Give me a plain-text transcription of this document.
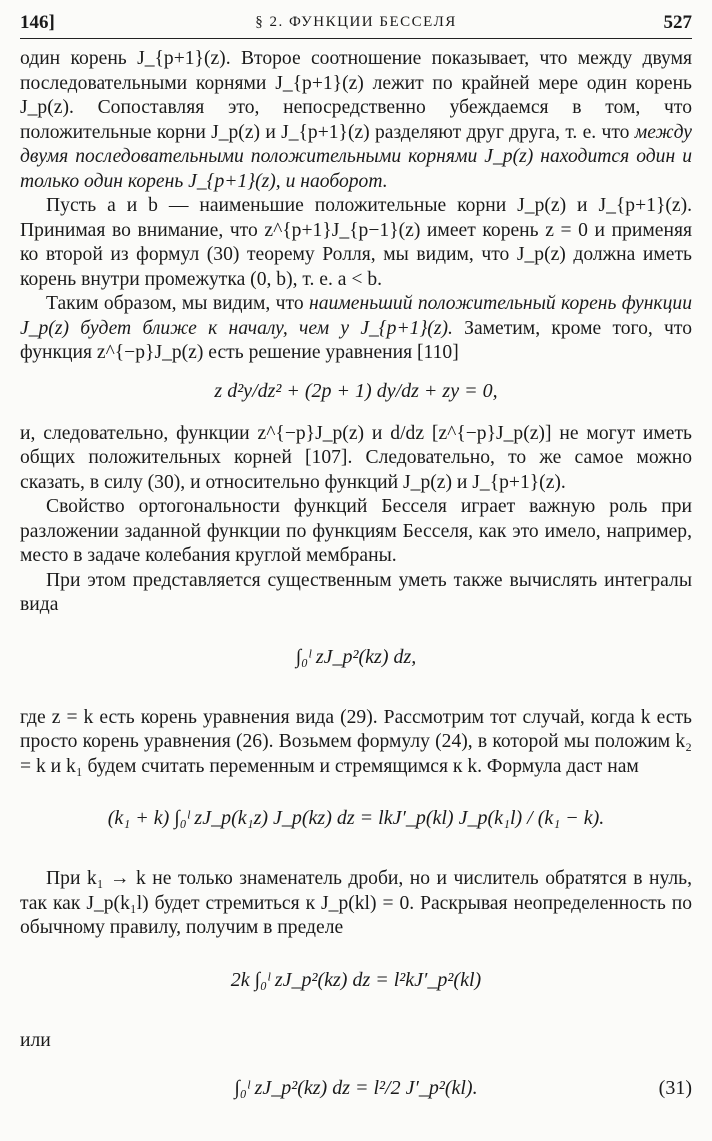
146]	§ 2. ФУНКЦИИ БЕССЕЛЯ	527

один корень J_{p+1}(z). Второе соотношение показывает, что между двумя последовательными корнями J_{p+1}(z) лежит по крайней мере один корень J_p(z). Сопоставляя это, непосредственно убеждаемся в том, что положительные корни J_p(z) и J_{p+1}(z) разделяют друг друга, т. е. что между двумя последовательными положительными корнями J_p(z) находится один и только один корень J_{p+1}(z), и наоборот.

Пусть a и b — наименьшие положительные корни J_p(z) и J_{p+1}(z). Принимая во внимание, что z^{p+1}J_{p−1}(z) имеет корень z = 0 и применяя ко второй из формул (30) теорему Ролля, мы видим, что J_p(z) должна иметь корень внутри промежутка (0, b), т. е. a < b.

Таким образом, мы видим, что наименьший положительный корень функции J_p(z) будет ближе к началу, чем у J_{p+1}(z). Заметим, кроме того, что функция z^{−p}J_p(z) есть решение уравнения [110]

z d²y/dz² + (2p + 1) dy/dz + zy = 0,

и, следовательно, функции z^{−p}J_p(z) и d/dz [z^{−p}J_p(z)] не могут иметь общих положительных корней [107]. Следовательно, то же самое можно сказать, в силу (30), и относительно функций J_p(z) и J_{p+1}(z).

Свойство ортогональности функций Бесселя играет важную роль при разложении заданной функции по функциям Бесселя, как это имело, например, место в задаче колебания круглой мембраны.

При этом представляется существенным уметь также вычислять интегралы вида

∫₀ˡ zJ_p²(kz) dz,

где z = k есть корень уравнения вида (29). Рассмотрим тот случай, когда k есть просто корень уравнения (26). Возьмем формулу (24), в которой мы положим k₂ = k и k₁ будем считать переменным и стремящимся к k. Формула даст нам

(k₁ + k) ∫₀ˡ zJ_p(k₁z) J_p(kz) dz = lkJ′_p(kl) J_p(k₁l) / (k₁ − k).

При k₁ → k не только знаменатель дроби, но и числитель обратятся в нуль, так как J_p(k₁l) будет стремиться к J_p(kl) = 0. Раскрывая неопределенность по обычному правилу, получим в пределе

2k ∫₀ˡ zJ_p²(kz) dz = l²kJ′_p²(kl)

или

∫₀ˡ zJ_p²(kz) dz = l²/2 J′_p²(kl).	(31)
